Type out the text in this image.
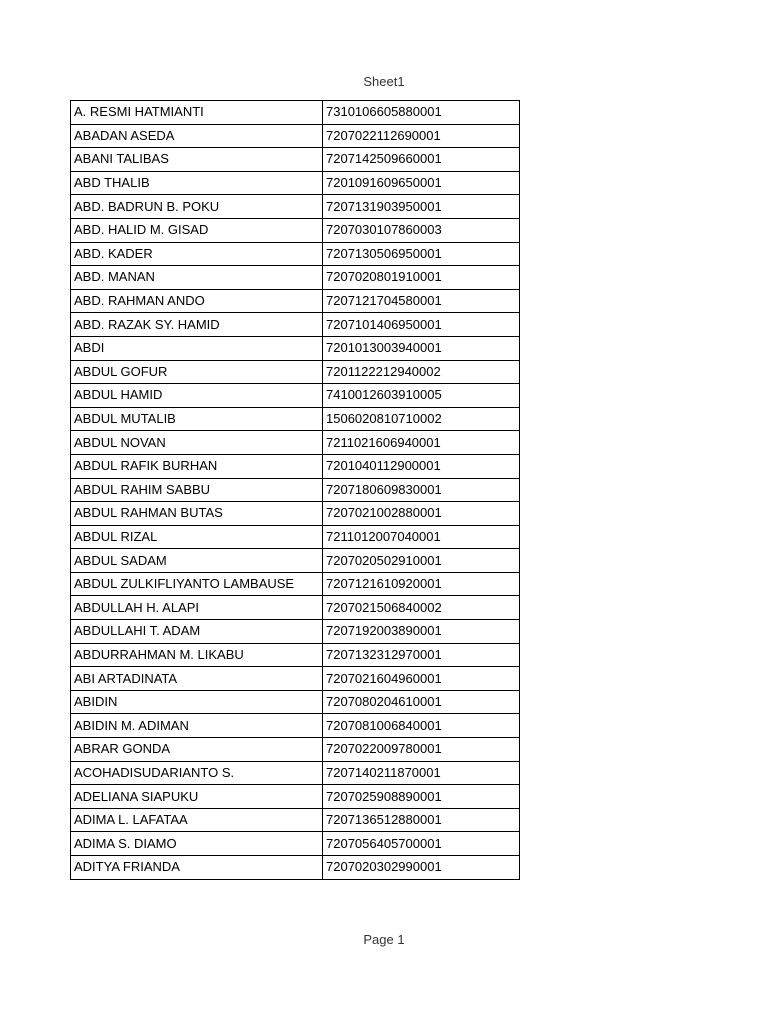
Sheet1
A. RESMI HATMIANTI	7310106605880001
ABADAN ASEDA	7207022112690001
ABANI TALIBAS	7207142509660001
ABD THALIB	7201091609650001
ABD. BADRUN B. POKU	7207131903950001
ABD. HALID M. GISAD	7207030107860003
ABD. KADER	7207130506950001
ABD. MANAN	7207020801910001
ABD. RAHMAN ANDO	7207121704580001
ABD. RAZAK SY. HAMID	7207101406950001
ABDI	7201013003940001
ABDUL GOFUR	7201122212940002
ABDUL HAMID	7410012603910005
ABDUL MUTALIB	1506020810710002
ABDUL NOVAN	7211021606940001
ABDUL RAFIK BURHAN	7201040112900001
ABDUL RAHIM SABBU	7207180609830001
ABDUL RAHMAN BUTAS	7207021002880001
ABDUL RIZAL	7211012007040001
ABDUL SADAM	7207020502910001
ABDUL ZULKIFLIYANTO LAMBAUSE	7207121610920001
ABDULLAH H. ALAPI	7207021506840002
ABDULLAHI T. ADAM	7207192003890001
ABDURRAHMAN M. LIKABU	7207132312970001
ABI ARTADINATA	7207021604960001
ABIDIN	7207080204610001
ABIDIN M. ADIMAN	7207081006840001
ABRAR GONDA	7207022009780001
ACOHADISUDARIANTO S.	7207140211870001
ADELIANA SIAPUKU	7207025908890001
ADIMA L. LAFATAA	7207136512880001
ADIMA S. DIAMO	7207056405700001
ADITYA FRIANDA	7207020302990001
Page 1
